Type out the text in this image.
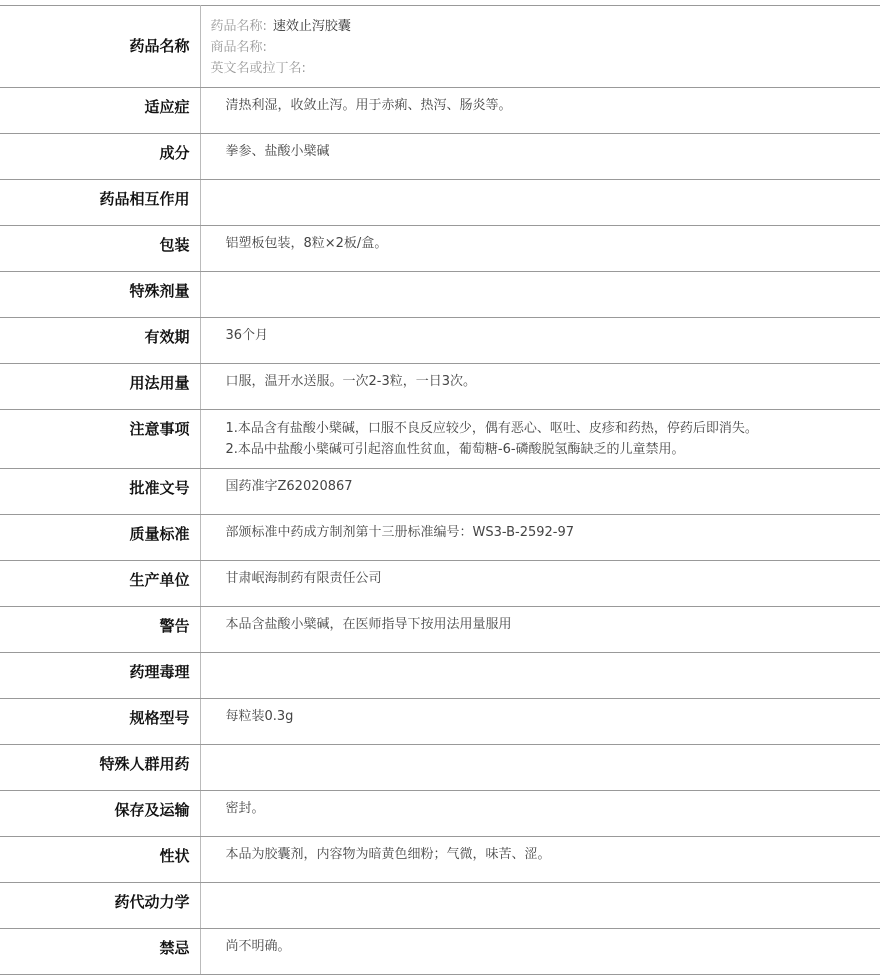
药品名称	药品名称: 速效止泻胶囊
商品名称:
英文名或拉丁名:

适应症	清热利湿，收敛止泻。用于赤痢、热泻、肠炎等。
成分	拳参、盐酸小檗碱
药品相互作用	
包装	铝塑板包装，8粒×2板/盒。
特殊剂量	
有效期	36个月
用法用量	口服，温开水送服。一次2-3粒，一日3次。
注意事项	1.本品含有盐酸小檗碱，口服不良反应较少，偶有恶心、呕吐、皮疹和药热，停药后即消失。
2.本品中盐酸小檗碱可引起溶血性贫血，葡萄糖-6-磷酸脱氢酶缺乏的儿童禁用。

批准文号	国药准字Z62020867
质量标准	部颁标准中药成方制剂第十三册标准编号：WS3-B-2592-97
生产单位	甘肃岷海制药有限责任公司
警告	本品含盐酸小檗碱，在医师指导下按用法用量服用
药理毒理	
规格型号	每粒装0.3g
特殊人群用药	
保存及运输	密封。
性状	本品为胶囊剂，内容物为暗黄色细粉；气微，味苦、涩。
药代动力学	
禁忌	尚不明确。
